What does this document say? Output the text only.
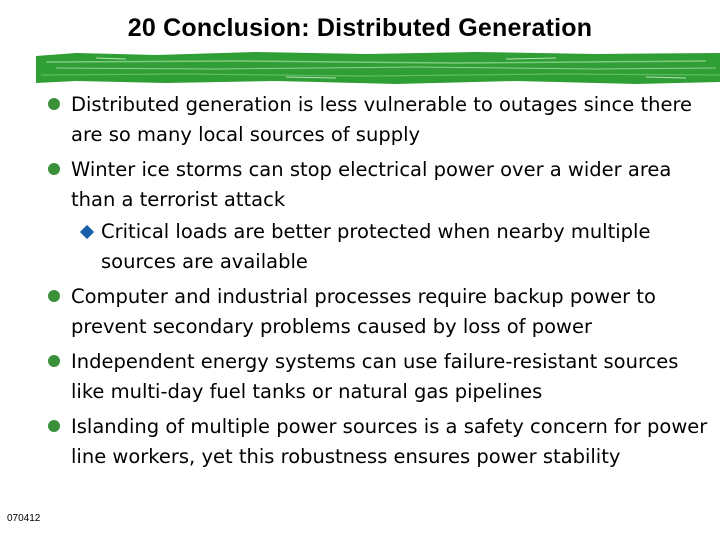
20 Conclusion: Distributed Generation
Distributed generation is less vulnerable to outages since there are so many local sources of supply
Winter ice storms can stop electrical power over a wider area than a terrorist attack
Critical loads are better protected when nearby multiple sources are available
Computer and industrial processes require backup power to prevent secondary problems caused by loss of power
Independent energy systems can use failure-resistant sources like multi-day fuel tanks or natural gas pipelines
Islanding of multiple power sources is a safety concern for power line workers, yet this robustness ensures power stability
070412
